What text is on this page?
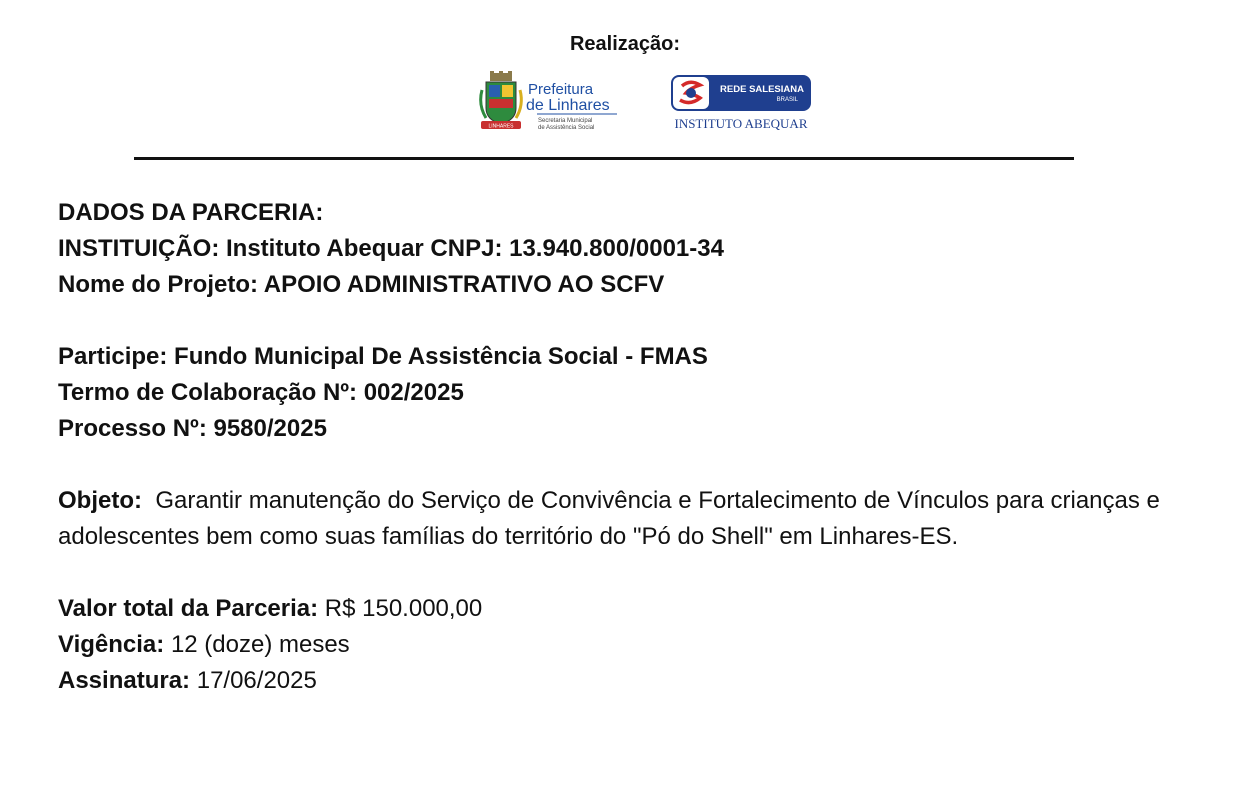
Realização:
LINHARES
Prefeitura
de Linhares
Secretaria Municipal
de Assistência Social
REDE SALESIANA
BRASIL
INSTITUTO ABEQUAR
DADOS DA PARCERIA:
INSTITUIÇÃO: Instituto Abequar CNPJ: 13.940.800/0001-34
Nome do Projeto: APOIO ADMINISTRATIVO AO SCFV
Participe: Fundo Municipal De Assistência Social - FMAS
Termo de Colaboração Nº: 002/2025
Processo Nº: 9580/2025
Objeto: Garantir manutenção do Serviço de Convivência e Fortalecimento de Vínculos para crianças e adolescentes bem como suas famílias do território do "Pó do Shell" em Linhares-ES.
Valor total da Parceria: R$ 150.000,00
Vigência: 12 (doze) meses
Assinatura: 17/06/2025
